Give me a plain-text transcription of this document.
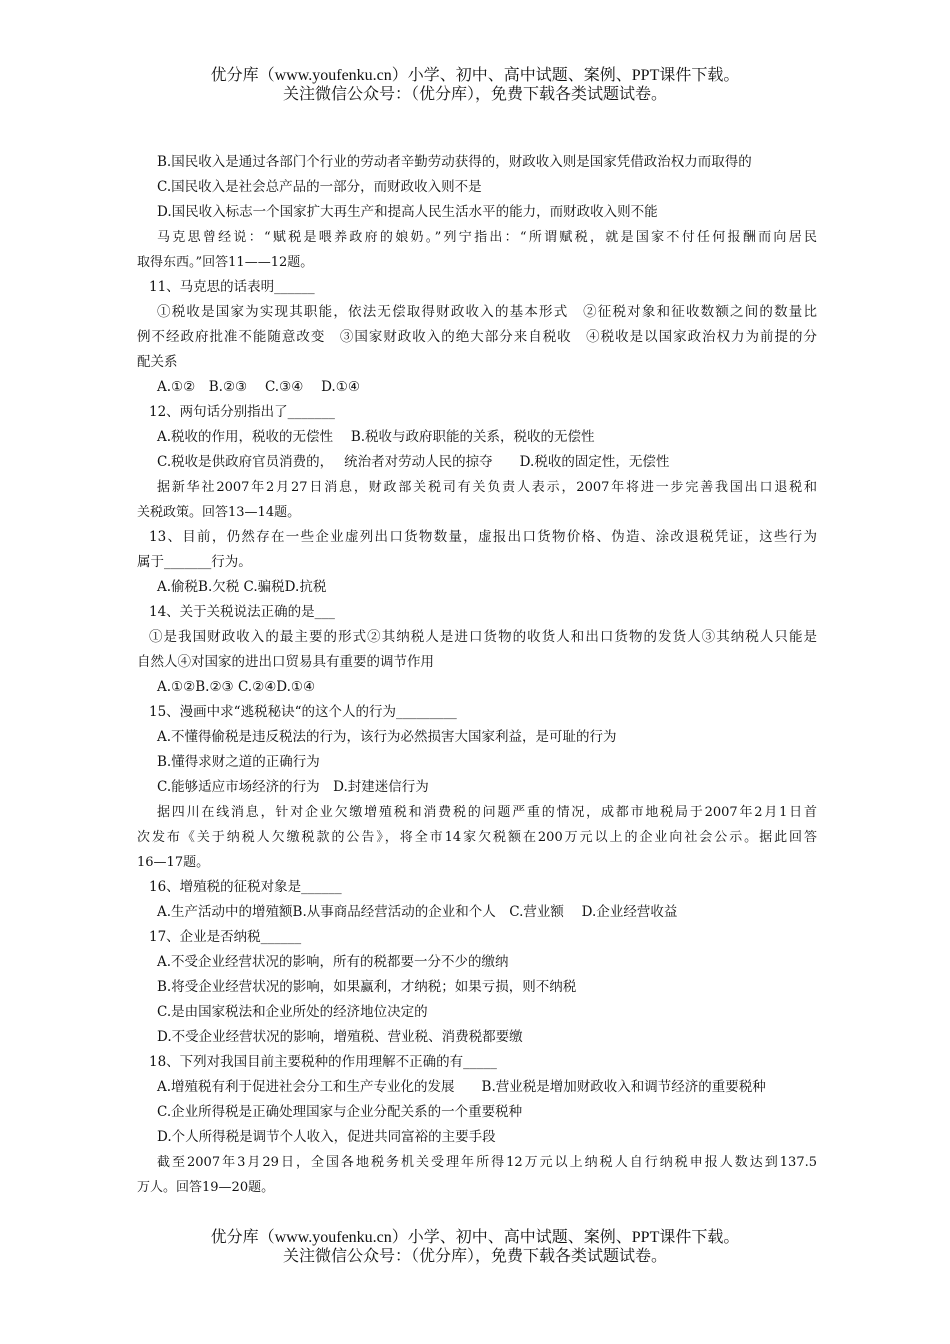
优分库（www.youfenku.cn）小学、初中、高中试题、案例、PPT课件下载。
关注微信公众号：（优分库），免费下载各类试题试卷。
B.国民收入是通过各部门个行业的劳动者辛勤劳动获得的，财政收入则是国家凭借政治权力而取得的
C.国民收入是社会总产品的一部分，而财政收入则不是
D.国民收入标志一个国家扩大再生产和提高人民生活水平的能力，而财政收入则不能
马克思曾经说：“赋税是喂养政府的娘奶。”列宁指出：“所谓赋税，就是国家不付任何报酬而向居民
取得东西。”回答11——12题。
11、马克思的话表明______
①税收是国家为实现其职能，依法无偿取得财政收入的基本形式　②征税对象和征收数额之间的数量比
例不经政府批准不能随意改变　③国家财政收入的绝大部分来自税收　④税收是以国家政治权力为前提的分
配关系
A.①②　B.②③　 C.③④　 D.①④
12、两句话分别指出了_______
A.税收的作用，税收的无偿性　 B.税收与政府职能的关系，税收的无偿性
C.税收是供政府官员消费的，　 统治者对劳动人民的掠夺　　D.税收的固定性，无偿性
据新华社2007年2月27日消息，财政部关税司有关负责人表示，2007年将进一步完善我国出口退税和
关税政策。回答13—14题。
13、目前，仍然存在一些企业虚列出口货物数量，虚报出口货物价格、伪造、涂改退税凭证，这些行为
属于_______行为。
A.偷税B.欠税 C.骗税D.抗税
14、关于关税说法正确的是___
①是我国财政收入的最主要的形式②其纳税人是进口货物的收货人和出口货物的发货人③其纳税人只能是
自然人④对国家的进出口贸易具有重要的调节作用
A.①②B.②③ C.②④D.①④
15、漫画中求“逃税秘诀“的这个人的行为_________
A.不懂得偷税是违反税法的行为，该行为必然损害大国家利益，是可耻的行为
B.懂得求财之道的正确行为
C.能够适应市场经济的行为　D.封建迷信行为
据四川在线消息，针对企业欠缴增殖税和消费税的问题严重的情况，成都市地税局于2007年2月1日首
次发布《关于纳税人欠缴税款的公告》，将全市14家欠税额在200万元以上的企业向社会公示。据此回答
16—17题。
16、增殖税的征税对象是______
A.生产活动中的增殖额B.从事商品经营活动的企业和个人　C.营业额　 D.企业经营收益
17、企业是否纳税______
A.不受企业经营状况的影响，所有的税都要一分不少的缴纳
B.将受企业经营状况的影响，如果赢利，才纳税；如果亏损，则不纳税
C.是由国家税法和企业所处的经济地位决定的
D.不受企业经营状况的影响，增殖税、营业税、消费税都要缴
18、下列对我国目前主要税种的作用理解不正确的有_____
A.增殖税有利于促进社会分工和生产专业化的发展　　B.营业税是增加财政收入和调节经济的重要税种
C.企业所得税是正确处理国家与企业分配关系的一个重要税种
D.个人所得税是调节个人收入，促进共同富裕的主要手段
截至2007年3月29日，全国各地税务机关受理年所得12万元以上纳税人自行纳税申报人数达到137.5
万人。回答19—20题。
优分库（www.youfenku.cn）小学、初中、高中试题、案例、PPT课件下载。
关注微信公众号：（优分库），免费下载各类试题试卷。
